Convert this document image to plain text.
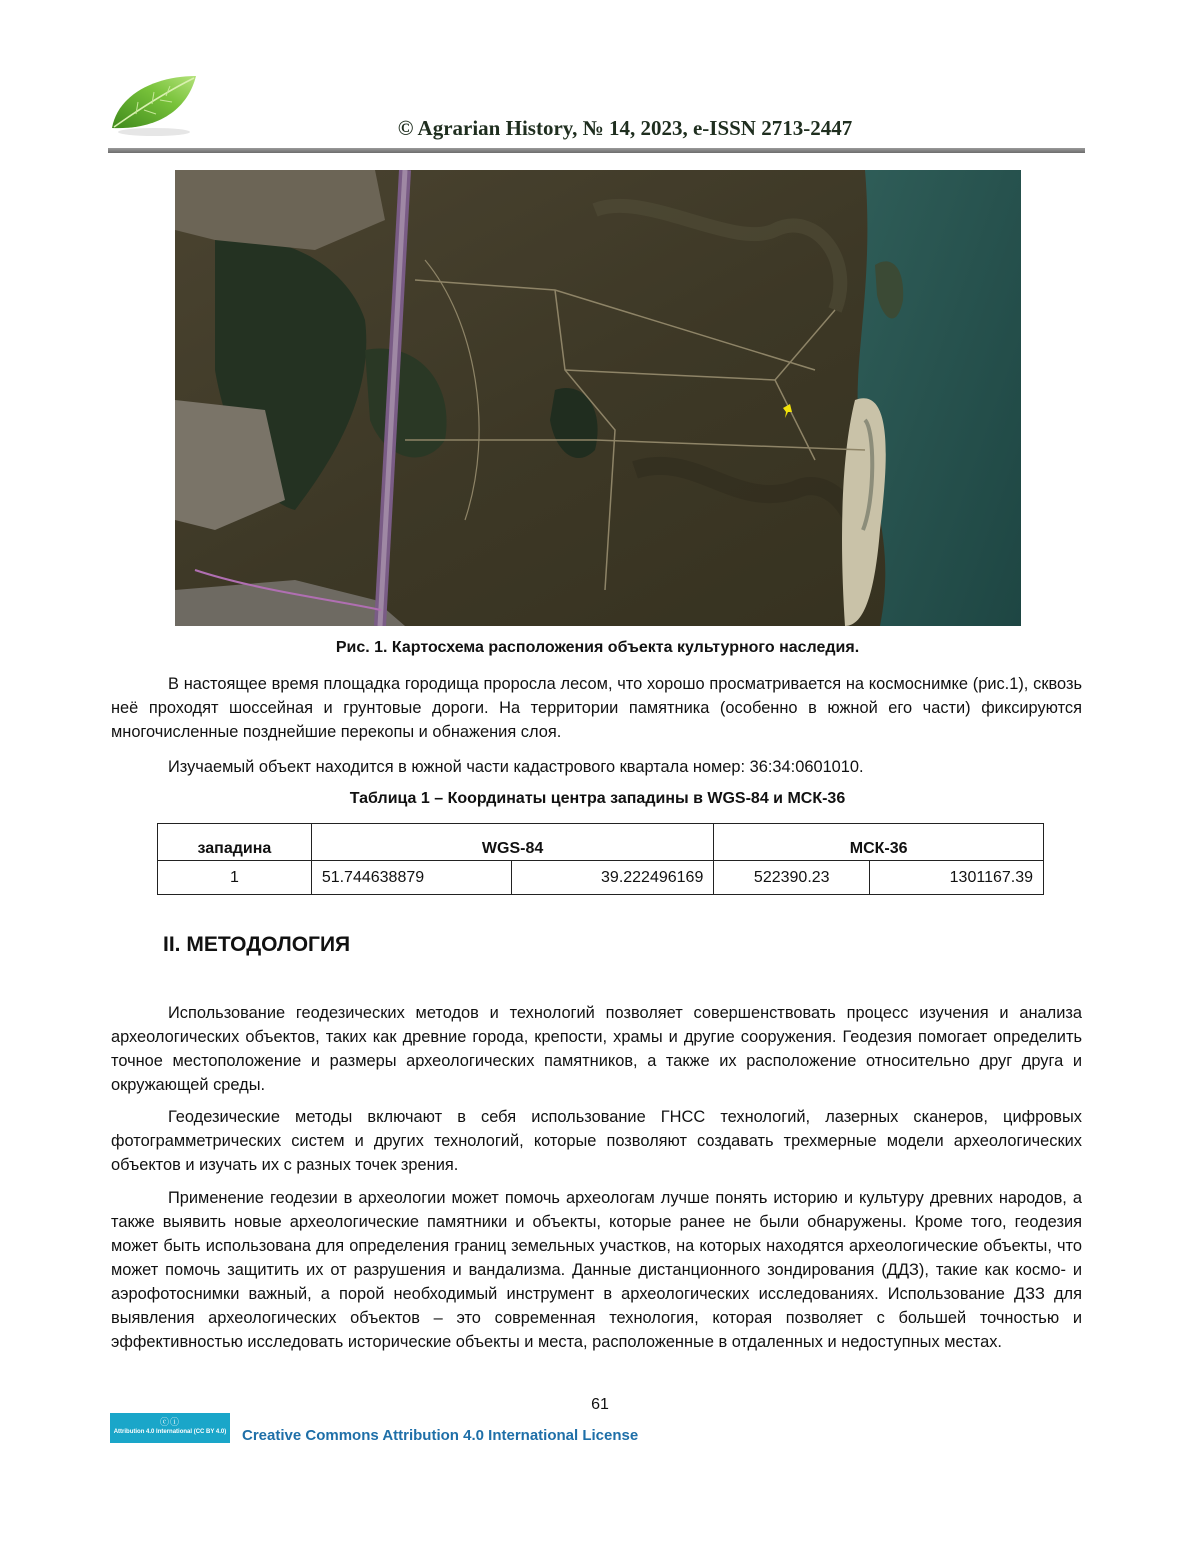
© Agrarian History, № 14, 2023, e-ISSN 2713-2447
Рис. 1. Картосхема расположения объекта культурного наследия.

В настоящее время площадка городища проросла лесом, что хорошо просматривается на космоснимке (рис.1), сквозь неё проходят шоссейная и грунтовые дороги. На территории памятника (особенно в южной его части) фиксируются многочисленные позднейшие перекопы и обнажения слоя.

Изучаемый объект находится в южной части кадастрового квартала номер: 36:34:0601010.

Таблица 1 – Координаты центра западины в WGS-84 и МСК-36
западина	WGS-84		МСК-36	
1	51.744638879	39.222496169	522390.23	1301167.39
II. МЕТОДОЛОГИЯ

Использование геодезических методов и технологий позволяет совершенствовать процесс изучения и анализа археологических объектов, таких как древние города, крепости, храмы и другие сооружения. Геодезия помогает определить точное местоположение и размеры археологических памятников, а также их расположение относительно друг друга и окружающей среды.

Геодезические методы включают в себя использование ГНСС технологий, лазерных сканеров, цифровых фотограмметрических систем и других технологий, которые позволяют создавать трехмерные модели археологических объектов и изучать их с разных точек зрения.

Применение геодезии в археологии может помочь археологам лучше понять историю и культуру древних народов, а также выявить новые археологические памятники и объекты, которые ранее не были обнаружены. Кроме того, геодезия может быть использована для определения границ земельных участков, на которых находятся археологические объекты, что может помочь защитить их от разрушения и вандализма. Данные дистанционного зондирования (ДДЗ), такие как космо- и аэрофотоснимки важный, а порой необходимый инструмент в археологических исследованиях. Использование ДЗЗ для выявления археологических объектов – это современная технология, которая позволяет с большей точностью и эффективностью исследовать исторические объекты и места, расположенные в отдаленных и недоступных местах.

61
ⓒⓘ
Attribution 4.0 International (CC BY 4.0) Creative Commons Attribution 4.0 International License
